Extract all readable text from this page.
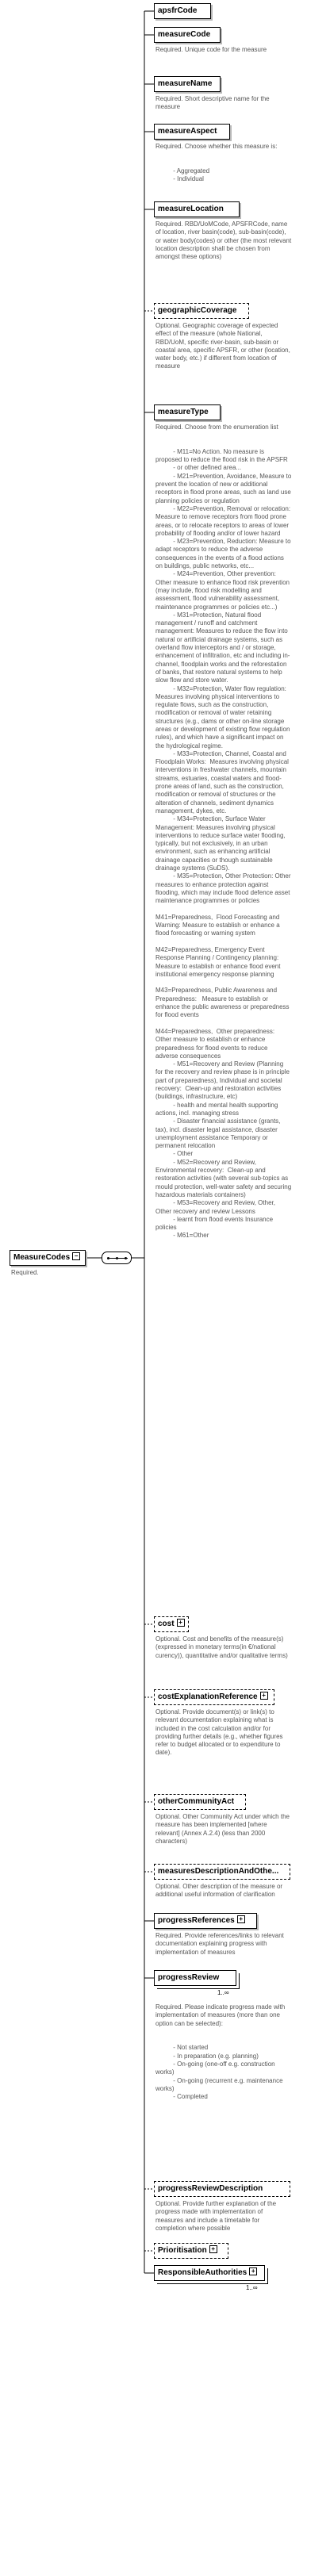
MeasureCodes −
Required.
apsfrCode
measureCode
Required. Unique code for the measure
measureName
Required. Short descriptive name for the measure
measureAspect
Required. Choose whether this measure is:

- Aggregated
- Individual
measureLocation
Required. RBD/UoMCode, APSFRCode, name of location, river basin(code), sub-basin(code), or water body(codes) or other (the most relevant location description shall be chosen from amongst these options)
geographicCoverage
Optional. Geographic coverage of expected effect of the measure (whole National, RBD/UoM, specific river-basin, sub-basin or coastal area, specific APSFR, or other (location, water body, etc.) if different from location of measure
measureType
Required. Choose from the enumeration list

- M11=No Action. No measure is proposed to reduce the flood risk in the APSFR
- or other defined area...
- M21=Prevention, Avoidance, Measure to prevent the location of new or additional receptors in flood prone areas, such as land use planning policies or regulation
- M22=Prevention, Removal or relocation: Measure to remove receptors from flood prone areas, or to relocate receptors to areas of lower probability of flooding and/or of lower hazard
- M23=Prevention, Reduction: Measure to adapt receptors to reduce the adverse consequences in the events of a flood actions on buildings, public networks, etc...
- M24=Prevention, Other prevention: Other measure to enhance flood risk prevention (may include, flood risk modelling and assessment, flood vulnerability assessment, maintenance programmes or policies etc...)
- M31=Protection, Natural flood management / runoff and catchment management: Measures to reduce the flow into natural or artificial drainage systems, such as overland flow interceptors and / or storage, enhancement of infiltration, etc and including in-channel, floodplain works and the reforestation of banks, that restore natural systems to help slow flow and store water.
- M32=Protection, Water flow regulation: Measures involving physical interventions to regulate flows, such as the construction, modification or removal of water retaining structures (e.g., dams or other on-line storage areas or development of existing flow regulation rules), and which have a significant impact on the hydrological regime.
- M33=Protection, Channel, Coastal and Floodplain Works:  Measures involving physical interventions in freshwater channels, mountain streams, estuaries, coastal waters and flood- prone areas of land, such as the construction, modification or removal of structures or the alteration of channels, sediment dynamics management, dykes, etc.
- M34=Protection, Surface Water Management: Measures involving physical interventions to reduce surface water flooding, typically, but not exclusively, in an urban environment, such as enhancing artificial drainage capacities or though sustainable drainage systems (SuDS).
- M35=Protection, Other Protection: Other measures to enhance protection against flooding, which may include flood defence asset maintenance programmes or policies

M41=Preparedness,  Flood Forecasting and Warning: Measure to establish or enhance a flood forecasting or warning system

M42=Preparedness, Emergency Event Response Planning / Contingency planning:  Measure to establish or enhance flood event institutional emergency response planning

M43=Preparedness, Public Awareness and Preparedness:   Measure to establish or enhance the public awareness or preparedness for flood events

M44=Preparedness,  Other preparedness:    Other measure to establish or enhance preparedness for flood events to reduce adverse consequences
- M51=Recovery and Review (Planning for the recovery and review phase is in principle part of preparedness), Individual and societal recovery:  Clean-up and restoration activities (buildings, infrastructure, etc)
- health and mental health supporting actions, incl. managing stress
- Disaster financial assistance (grants, tax), incl. disaster legal assistance, disaster unemployment assistance Temporary or permanent relocation
- Other
- M52=Recovery and Review, Environmental recovery:  Clean-up and restoration activities (with several sub-topics as mould protection, well-water safety and securing hazardous materials containers)
- M53=Recovery and Review, Other, Other recovery and review Lessons
- learnt from flood events Insurance policies
- M61=Other
cost +
Optional. Cost and benefits of the measure(s) (expressed in monetary terms(in €/national curency)), quantitative and/or qualitative terms)
costExplanationReference +
Optional. Provide document(s) or link(s) to relevant documentation explaining what is included in the cost calculation and/or for providing further details (e.g., whether figures refer to budget allocated or to expenditure to date).
otherCommunityAct
Optional. Other Community Act under which the measure has been implemented [where relevant] (Annex A.2.4) (less than 2000 characters)
measuresDescriptionAndOthe...
Optional. Other description of the measure or additional useful information of clarification
progressReferences +
Required. Provide references/links to relevant documentation explaining progress with implementation of measures
progressReview
1..∞
Required. Please indicate progress made with implementation of measures (more than one option can be selected):

- Not started
- In preparation (e.g. planning)
- On-going (one-off e.g. construction works)
- On-going (recurrent e.g. maintenance works)
- Completed
progressReviewDescription
Optional. Provide further explanation of the progress made with implementation of measures and include a timetable for completion where possible
Prioritisation +
ResponsibleAuthorities +
1..∞
